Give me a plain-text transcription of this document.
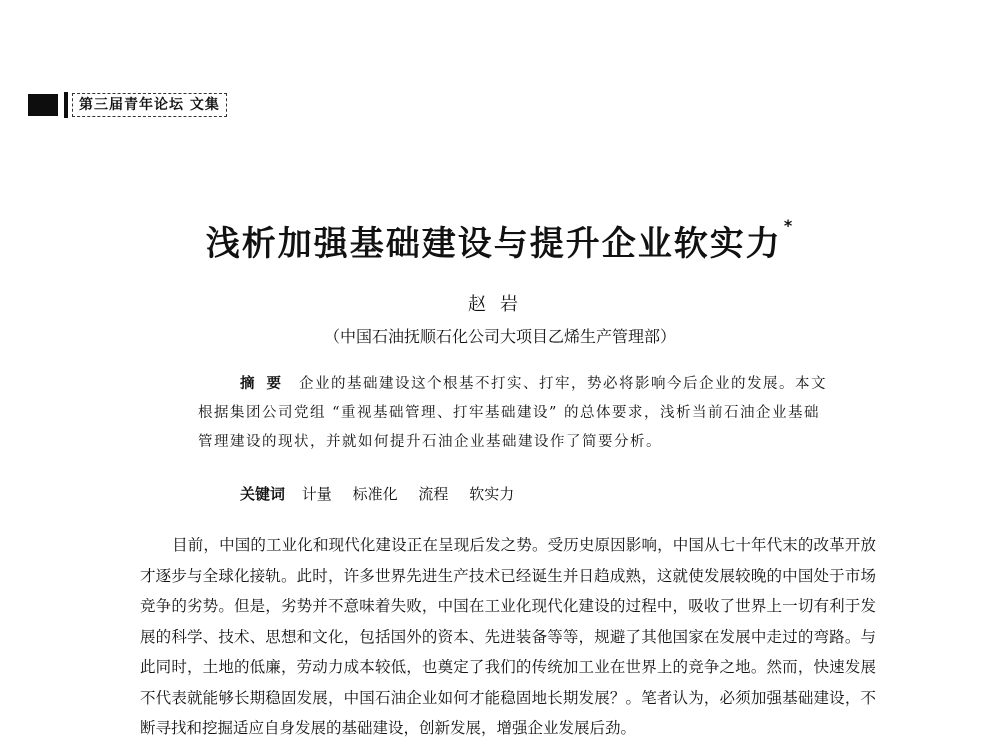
第三届青年论坛 文集
浅析加强基础建设与提升企业软实力 *
赵岩
（中国石油抚顺石化公司大项目乙烯生产管理部）
摘要 企业的基础建设这个根基不打实、打牢，势必将影响今后企业的发展。本文根据集团公司党组 “重视基础管理、打牢基础建设” 的总体要求，浅析当前石油企业基础管理建设的现状，并就如何提升石油企业基础建设作了简要分析。
关键词 计量 标准化 流程 软实力
目前，中国的工业化和现代化建设正在呈现后发之势。受历史原因影响，中国从七十年代末的改革开放才逐步与全球化接轨。此时，许多世界先进生产技术已经诞生并日趋成熟，这就使发展较晚的中国处于市场竞争的劣势。但是，劣势并不意味着失败，中国在工业化现代化建设的过程中，吸收了世界上一切有利于发展的科学、技术、思想和文化，包括国外的资本、先进装备等等，规避了其他国家在发展中走过的弯路。与此同时，土地的低廉，劳动力成本较低，也奠定了我们的传统加工业在世界上的竞争之地。然而，快速发展不代表就能够长期稳固发展，中国石油企业如何才能稳固地长期发展？。笔者认为，必须加强基础建设，不断寻找和挖掘适应自身发展的基础建设，创新发展，增强企业发展后劲。
